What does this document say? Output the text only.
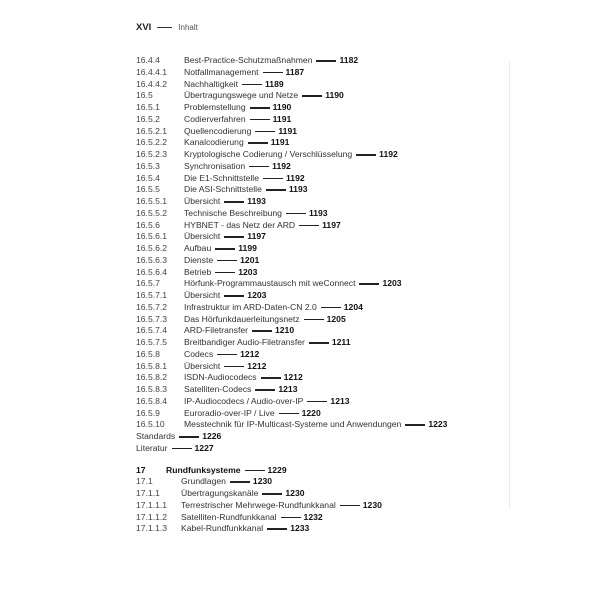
XVI	Inhalt
16.4.4	Best-Practice-Schutzmaßnahmen	1182
16.4.4.1	Notfallmanagement	1187
16.4.4.2	Nachhaltigkeit	1189
16.5	Übertragungswege und Netze	1190
16.5.1	Problemstellung	1190
16.5.2	Codierverfahren	1191
16.5.2.1	Quellencodierung	1191
16.5.2.2	Kanalcodierung	1191
16.5.2.3	Kryptologische Codierung / Verschlüsselung	1192
16.5.3	Synchronisation	1192
16.5.4	Die E1-Schnittstelle	1192
16.5.5	Die ASI-Schnittstelle	1193
16.5.5.1	Übersicht	1193
16.5.5.2	Technische Beschreibung	1193
16.5.6	HYBNET - das Netz der ARD	1197
16.5.6.1	Übersicht	1197
16.5.6.2	Aufbau	1199
16.5.6.3	Dienste	1201
16.5.6.4	Betrieb	1203
16.5.7	Hörfunk-Programmaustausch mit weConnect	1203
16.5.7.1	Übersicht	1203
16.5.7.2	Infrastruktur im ARD-Daten-CN 2.0	1204
16.5.7.3	Das Hörfunkdauerleitungsnetz	1205
16.5.7.4	ARD-Filetransfer	1210
16.5.7.5	Breitbandiger Audio-Filetransfer	1211
16.5.8	Codecs	1212
16.5.8.1	Übersicht	1212
16.5.8.2	ISDN-Audiocodecs	1212
16.5.8.3	Satelliten-Codecs	1213
16.5.8.4	IP-Audiocodecs / Audio-over-IP	1213
16.5.9	Euroradio-over-IP / Live	1220
16.5.10	Messtechnik für IP-Multicast-Systeme und Anwendungen	1223
Standards	1226
Literatur	1227
17	Rundfunksysteme	1229
17.1	Grundlagen	1230
17.1.1	Übertragungskanäle	1230
17.1.1.1	Terrestrischer Mehrwege-Rundfunkkanal	1230
17.1.1.2	Satelliten-Rundfunkkanal	1232
17.1.1.3	Kabel-Rundfunkkanal	1233
